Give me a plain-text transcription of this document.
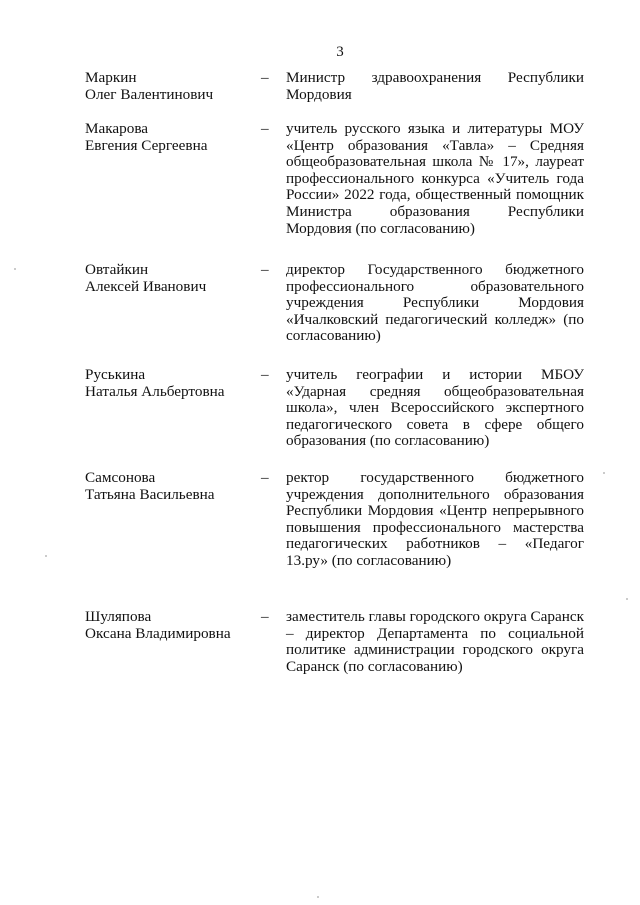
3
Маркин
Олег Валентинович
– Министр здравоохранения Республики Мордовия
Макарова
Евгения Сергеевна
– учитель русского языка и литературы МОУ «Центр образования «Тавла» – Средняя общеобразовательная школа № 17», лауреат профессионального конкурса «Учитель года России» 2022 года, общественный помощник Министра образования Республики Мордовия (по согласованию)
Овтайкин
Алексей Иванович
– директор Государственного бюджетного профессионального образовательного учреждения Республики Мордовия «Ичалковский педагогический колледж» (по согласованию)
Руськина
Наталья Альбертовна
– учитель географии и истории МБОУ «Ударная средняя общеобразовательная школа», член Всероссийского экспертного педагогического совета в сфере общего образования (по согласованию)
Самсонова
Татьяна Васильевна
– ректор государственного бюджетного учреждения дополнительного образования Республики Мордовия «Центр непрерывного повышения профессионального мастерства педагогических работников – «Педагог 13.ру» (по согласованию)
Шуляпова
Оксана Владимировна
– заместитель главы городского округа Саранск – директор Департамента по социальной политике администрации городского округа Саранск (по согласованию)
